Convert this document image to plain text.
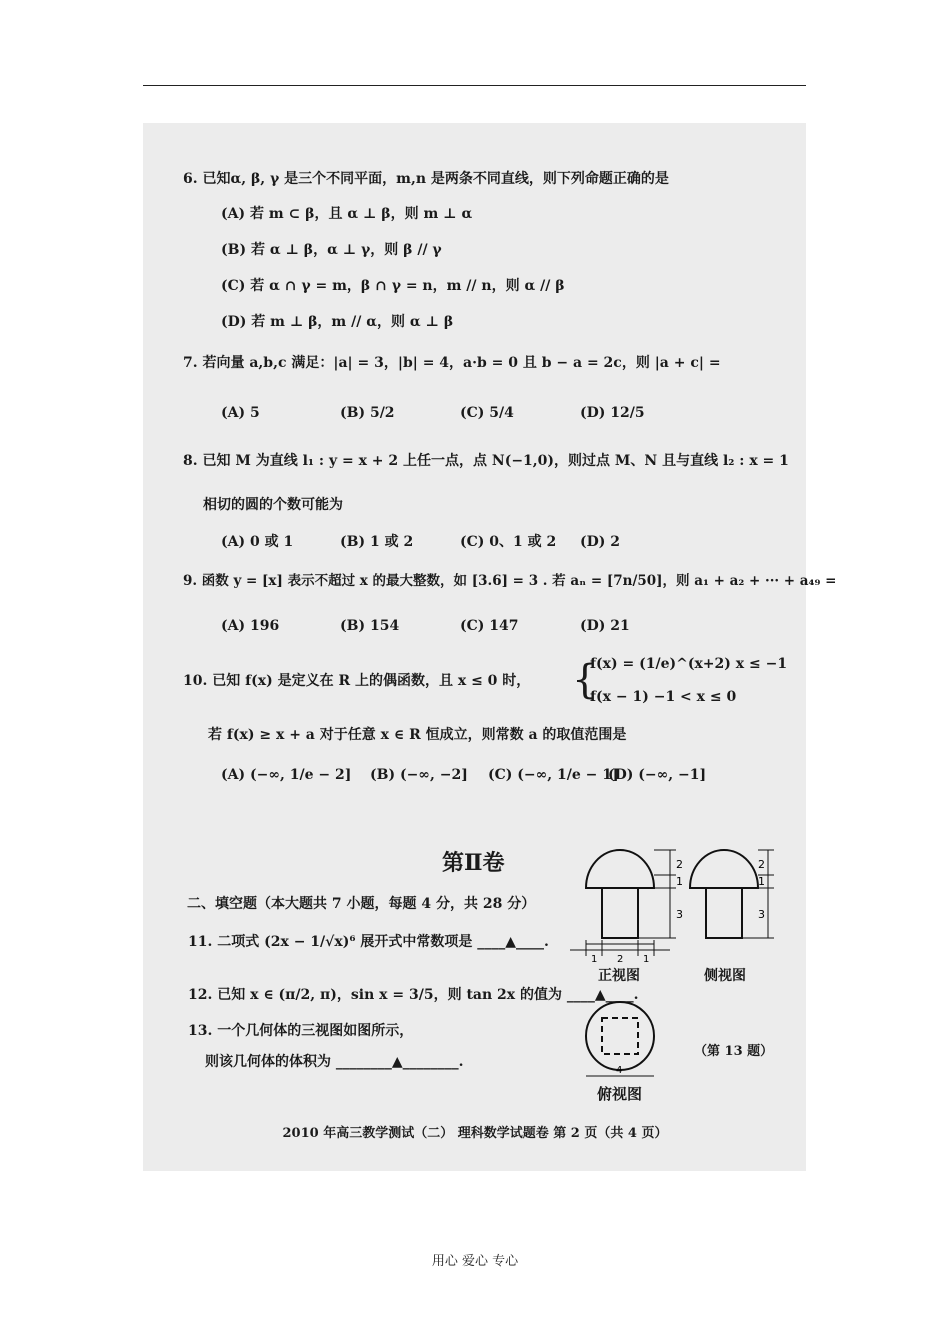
6. 已知α, β, γ 是三个不同平面，m,n 是两条不同直线，则下列命题正确的是
(A) 若 m ⊂ β，且 α ⊥ β，则 m ⊥ α
(B) 若 α ⊥ β，α ⊥ γ，则 β // γ
(C) 若 α ∩ γ = m，β ∩ γ = n，m // n，则 α // β
(D) 若 m ⊥ β，m // α，则 α ⊥ β
7. 若向量 a,b,c 满足：|a| = 3，|b| = 4，a·b = 0 且 b − a = 2c，则 |a + c| =
(A) 5	(B) 5/2	(C) 5/4	(D) 12/5
8. 已知 M 为直线 l₁ : y = x + 2 上任一点，点 N(−1,0)，则过点 M、N 且与直线 l₂ : x = 1
相切的圆的个数可能为
(A) 0 或 1	(B) 1 或 2	(C) 0、1 或 2 (D) 2
9. 函数 y = [x] 表示不超过 x 的最大整数，如 [3.6] = 3 . 若 aₙ = [7n/50]，则 a₁ + a₂ + ··· + a₄₉ =
(A) 196	(B) 154	(C) 147	(D) 21
10. 已知 f(x) 是定义在 R 上的偶函数，且 x ≤ 0 时， {
f(x) = (1/e)^(x+2) x ≤ −1
f(x − 1) −1 < x ≤ 0
若 f(x) ≥ x + a 对于任意 x ∈ R 恒成立，则常数 a 的取值范围是
(A) (−∞, 1/e − 2] (B) (−∞, −2] (C) (−∞, 1/e − 1]
(D) (−∞, −1]
第Ⅱ卷
二、填空题（本大题共 7 小题，每题 4 分，共 28 分）
11. 二项式 (2x − 1/√x)⁶ 展开式中常数项是 ____▲____.
12. 已知 x ∈ (π/2, π)，sin x = 3/5，则 tan 2x 的值为 ____▲____.
13. 一个几何体的三视图如图所示，
则该几何体的体积为 ________▲________.
2
1
3
1 2 1
2
1
3
4
正视图	侧视图
俯视图
（第 13 题）
2010 年高三教学测试（二） 理科数学试题卷 第 2 页（共 4 页）
用心 爱心 专心
